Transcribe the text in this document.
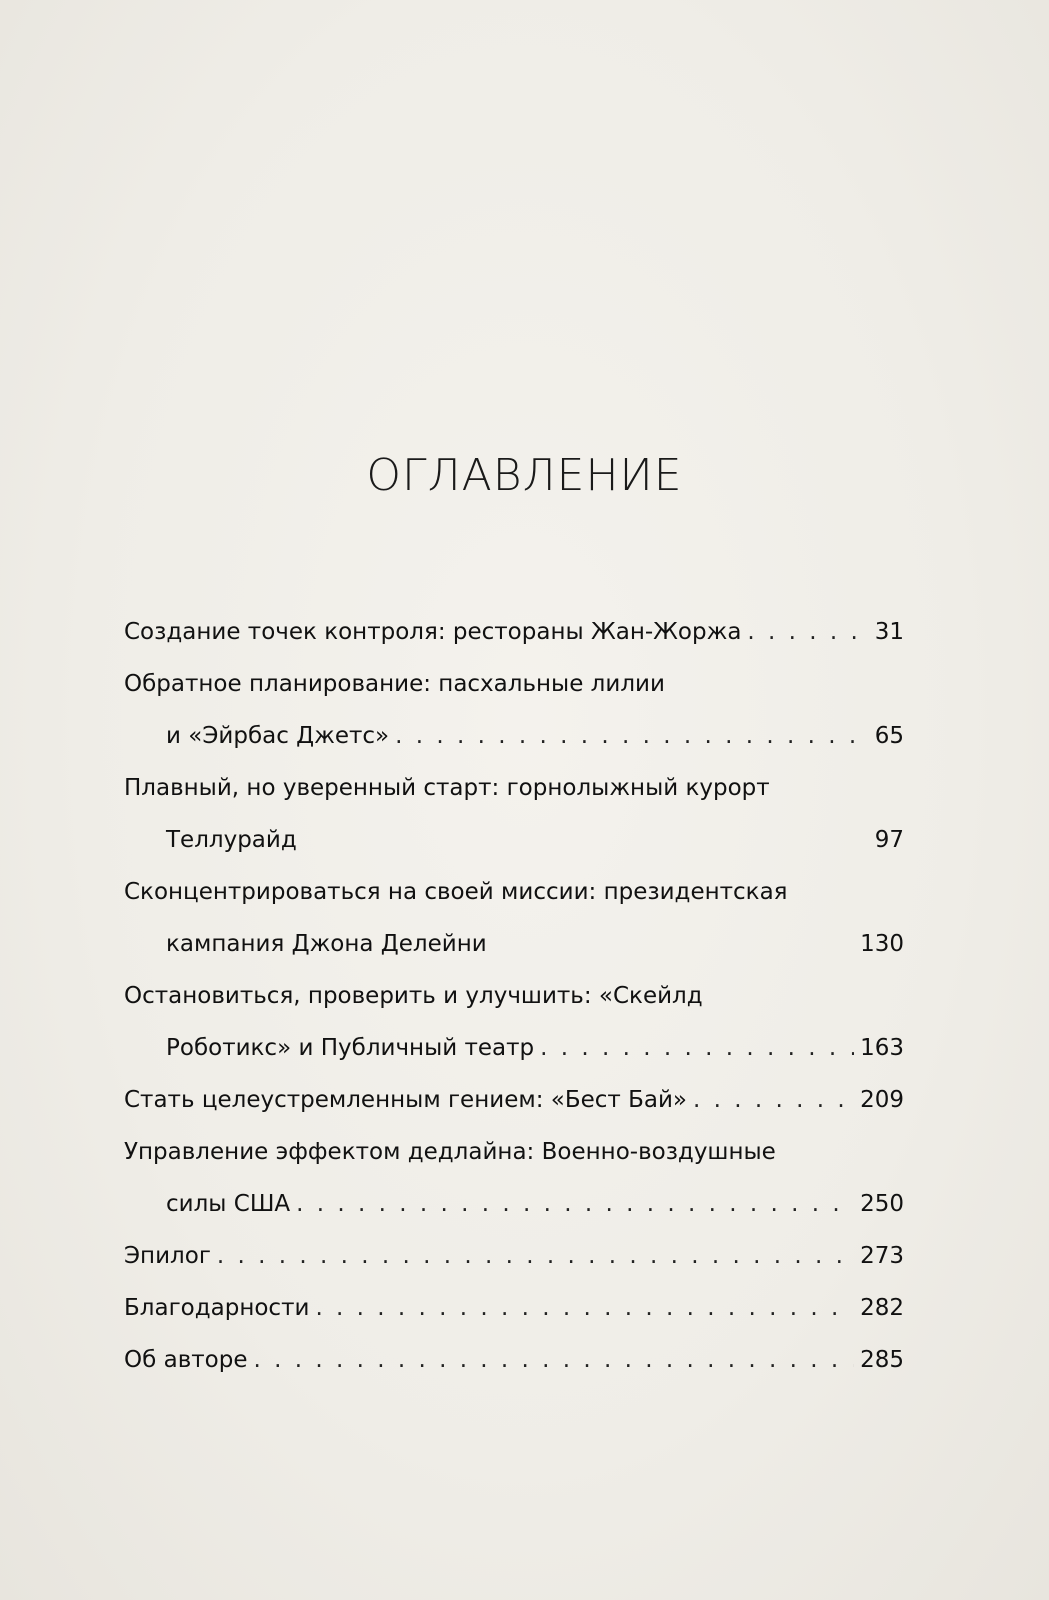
ОГЛАВЛЕНИЕ
Создание точек контроля: рестораны Жан-Жоржа . . .	31
Обратное планирование: пасхальные лилии
и «Эйрбас Джетс» . . .	65
Плавный, но уверенный старт: горнолыжный курорт
Теллурайд	97
Сконцентрироваться на своей миссии: президентская
кампания Джона Делейни	130
Остановиться, проверить и улучшить: «Скейлд
Роботикс» и Публичный театр . . .	163
Стать целеустремленным гением: «Бест Бай» . . .	209
Управление эффектом дедлайна: Военно-воздушные
силы США . . .	250
Эпилог . . .	273
Благодарности . . .	282
Об авторе . . .	285
